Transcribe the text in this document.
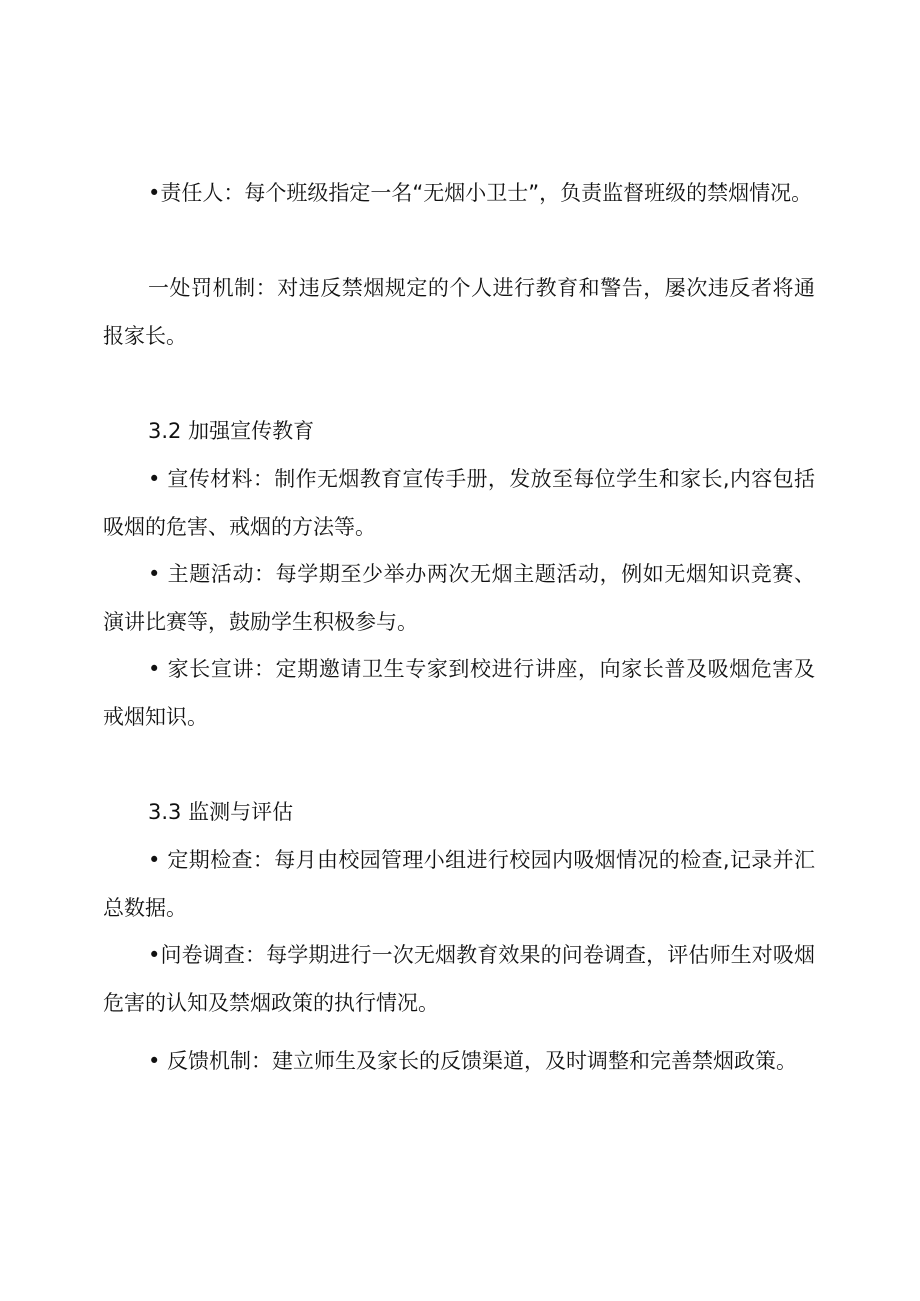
•责任人：每个班级指定一名“无烟小卫士”，负责监督班级的禁烟情况。

一处罚机制：对违反禁烟规定的个人进行教育和警告，屡次违反者将通报家长。

3.2 加强宣传教育

• 宣传材料：制作无烟教育宣传手册，发放至每位学生和家长,内容包括吸烟的危害、戒烟的方法等。

• 主题活动：每学期至少举办两次无烟主题活动，例如无烟知识竞赛、演讲比赛等，鼓励学生积极参与。

• 家长宣讲：定期邀请卫生专家到校进行讲座，向家长普及吸烟危害及戒烟知识。

3.3 监测与评估

• 定期检查：每月由校园管理小组进行校园内吸烟情况的检查,记录并汇总数据。

•问卷调查：每学期进行一次无烟教育效果的问卷调查，评估师生对吸烟危害的认知及禁烟政策的执行情况。

• 反馈机制：建立师生及家长的反馈渠道，及时调整和完善禁烟政策。
